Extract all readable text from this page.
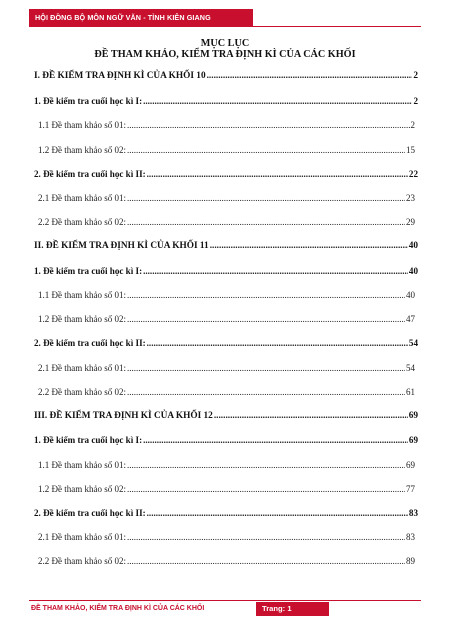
HỘI ĐỒNG BỘ MÔN NGỮ VĂN - TỈNH KIÊN GIANG
MỤC LỤC
ĐỀ THAM KHẢO, KIỂM TRA ĐỊNH KÌ CỦA CÁC KHỐI
I. ĐỀ KIỂM TRA ĐỊNH KÌ CỦA KHỐI 10 .....	2
1. Đề kiểm tra cuối học kì I: .....	2
1.1 Đề tham khảo số 01: .....	2
1.2 Đề tham khảo số 02: .....	15
2. Đề kiểm tra cuối học kì II: .....	22
2.1 Đề tham khảo số 01: .....	23
2.2 Đề tham khảo số 02: .....	29
II. ĐỀ KIỂM TRA ĐỊNH KÌ CỦA KHỐI 11 .....	40
1. Đề kiểm tra cuối học kì I: .....	40
1.1 Đề tham khảo số 01: .....	40
1.2 Đề tham khảo số 02: .....	47
2. Đề kiểm tra cuối học kì II: .....	54
2.1 Đề tham khảo số 01: .....	54
2.2 Đề tham khảo số 02: .....	61
III. ĐỀ KIỂM TRA ĐỊNH KÌ CỦA KHỐI 12 .....	69
1. Đề kiểm tra cuối học kì I: .....	69
1.1 Đề tham khảo số 01: .....	69
1.2 Đề tham khảo số 02: .....	77
2. Đề kiểm tra cuối học kì II: .....	83
2.1 Đề tham khảo số 01: .....	83
2.2 Đề tham khảo số 02: .....	89
ĐỀ THAM KHẢO, KIỂM TRA ĐỊNH KÌ CỦA CÁC KHỐI	Trang: 1
